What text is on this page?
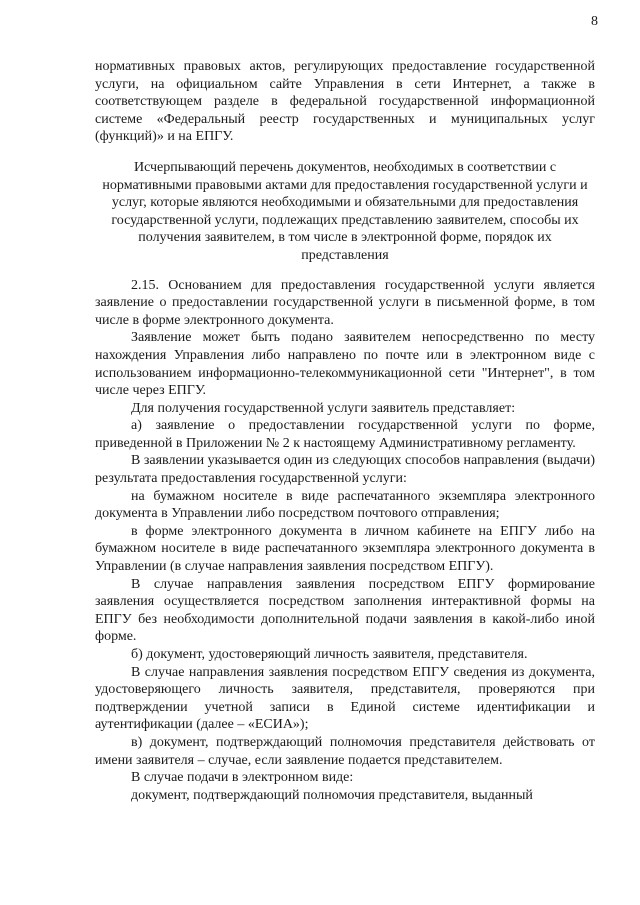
8

нормативных правовых актов, регулирующих предоставление государственной услуги, на официальном сайте Управления в сети Интернет, а также в соответствующем разделе в федеральной государственной информационной системе «Федеральный реестр государственных и муниципальных услуг (функций)» и на ЕПГУ.

Исчерпывающий перечень документов, необходимых в соответствии с нормативными правовыми актами для предоставления государственной услуги и услуг, которые являются необходимыми и обязательными для предоставления государственной услуги, подлежащих представлению заявителем, способы их получения заявителем, в том числе в электронной форме, порядок их представления

2.15. Основанием для предоставления государственной услуги является заявление о предоставлении государственной услуги в письменной форме, в том числе в форме электронного документа.

Заявление может быть подано заявителем непосредственно по месту нахождения Управления либо направлено по почте или в электронном виде с использованием информационно-телекоммуникационной сети "Интернет", в том числе через ЕПГУ.

Для получения государственной услуги заявитель представляет:

а) заявление о предоставлении государственной услуги по форме, приведенной в Приложении № 2 к настоящему Административному регламенту.

В заявлении указывается один из следующих способов направления (выдачи) результата предоставления государственной услуги:

на бумажном носителе в виде распечатанного экземпляра электронного документа в Управлении либо посредством почтового отправления;

в форме электронного документа в личном кабинете на ЕПГУ либо на бумажном носителе в виде распечатанного экземпляра электронного документа в Управлении (в случае направления заявления посредством ЕПГУ).

В случае направления заявления посредством ЕПГУ формирование заявления осуществляется посредством заполнения интерактивной формы на ЕПГУ без необходимости дополнительной подачи заявления в какой-либо иной форме.

б) документ, удостоверяющий личность заявителя, представителя.

В случае направления заявления посредством ЕПГУ сведения из документа, удостоверяющего личность заявителя, представителя, проверяются при подтверждении учетной записи в Единой системе идентификации и аутентификации (далее – «ЕСИА»);

в) документ, подтверждающий полномочия представителя действовать от имени заявителя – случае, если заявление подается представителем.

В случае подачи в электронном виде:

документ, подтверждающий полномочия представителя, выданный
